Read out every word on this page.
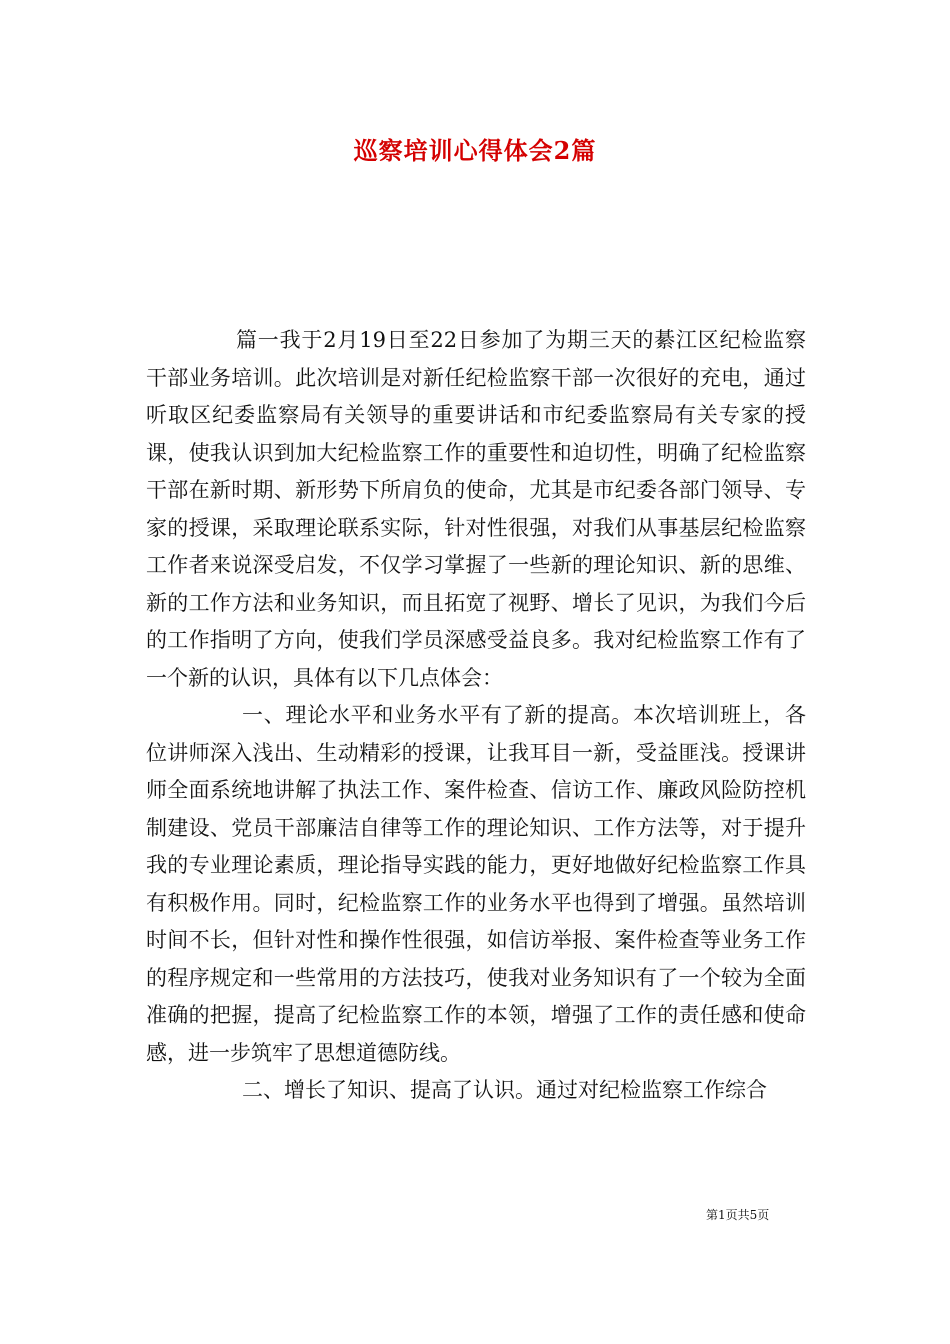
巡察培训心得体会2篇

篇一我于2月19日至22日参加了为期三天的綦江区纪检监察干部业务培训。此次培训是对新任纪检监察干部一次很好的充电，通过听取区纪委监察局有关领导的重要讲话和市纪委监察局有关专家的授课，使我认识到加大纪检监察工作的重要性和迫切性，明确了纪检监察干部在新时期、新形势下所肩负的使命，尤其是市纪委各部门领导、专家的授课，采取理论联系实际，针对性很强，对我们从事基层纪检监察工作者来说深受启发，不仅学习掌握了一些新的理论知识、新的思维、新的工作方法和业务知识，而且拓宽了视野、增长了见识，为我们今后的工作指明了方向，使我们学员深感受益良多。我对纪检监察工作有了一个新的认识，具体有以下几点体会：

一、理论水平和业务水平有了新的提高。本次培训班上，各位讲师深入浅出、生动精彩的授课，让我耳目一新，受益匪浅。授课讲师全面系统地讲解了执法工作、案件检查、信访工作、廉政风险防控机制建设、党员干部廉洁自律等工作的理论知识、工作方法等，对于提升我的专业理论素质，理论指导实践的能力，更好地做好纪检监察工作具有积极作用。同时，纪检监察工作的业务水平也得到了增强。虽然培训时间不长，但针对性和操作性很强，如信访举报、案件检查等业务工作的程序规定和一些常用的方法技巧，使我对业务知识有了一个较为全面准确的把握，提高了纪检监察工作的本领，增强了工作的责任感和使命感，进一步筑牢了思想道德防线。

二、增长了知识、提高了认识。通过对纪检监察工作综合

第1页共5页
